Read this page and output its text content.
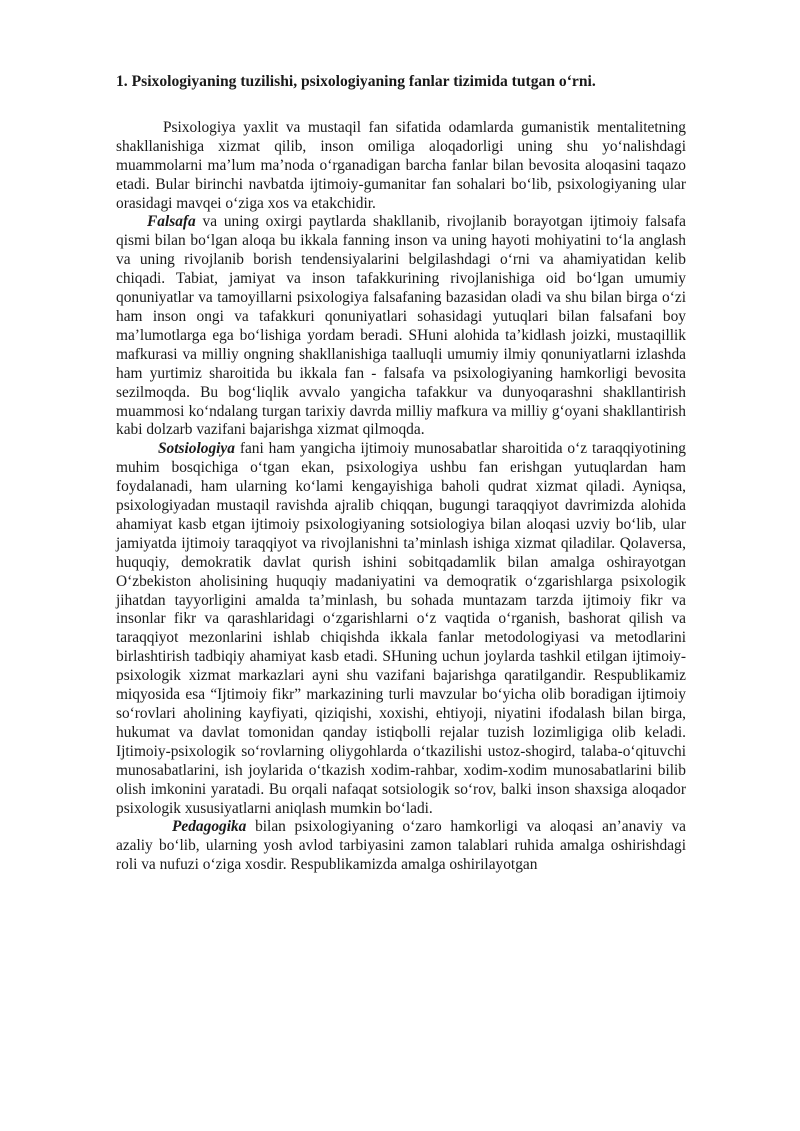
1. Psixologiyaning tuzilishi, psixologiyaning fanlar tizimida tutgan o‘rni.

Psixologiya yaxlit va mustaqil fan sifatida odamlarda gumanistik mentalitetning shakllanishiga xizmat qilib, inson omiliga aloqadorligi uning shu yo‘nalishdagi muammolarni ma’lum ma’noda o‘rganadigan barcha fanlar bilan bevosita aloqasini taqazo etadi. Bular birinchi navbatda ijtimoiy-gumanitar fan sohalari bo‘lib, psixologiyaning ular orasidagi mavqei o‘ziga xos va etakchidir.

Falsafa va uning oxirgi paytlarda shakllanib, rivojlanib borayotgan ijtimoiy falsafa qismi bilan bo‘lgan aloqa bu ikkala fanning inson va uning hayoti mohiyatini to‘la anglash va uning rivojlanib borish tendensiyalarini belgilashdagi o‘rni va ahamiyatidan kelib chiqadi. Tabiat, jamiyat va inson tafakkurining rivojlanishiga oid bo‘lgan umumiy qonuniyatlar va tamoyillarni psixologiya falsafaning bazasidan oladi va shu bilan birga o‘zi ham inson ongi va tafakkuri qonuniyatlari sohasidagi yutuqlari bilan falsafani boy ma’lumotlarga ega bo‘lishiga yordam beradi. SHuni alohida ta’kidlash joizki, mustaqillik mafkurasi va milliy ongning shakllanishiga taalluqli umumiy ilmiy qonuniyatlarni izlashda ham yurtimiz sharoitida bu ikkala fan - falsafa va psixologiyaning hamkorligi bevosita sezilmoqda. Bu bog‘liqlik avvalo yangicha tafakkur va dunyoqarashni shakllantirish muammosi ko‘ndalang turgan tarixiy davrda milliy mafkura va milliy g‘oyani shakllantirish kabi dolzarb vazifani bajarishga xizmat qilmoqda.

Sotsiologiya fani ham yangicha ijtimoiy munosabatlar sharoitida o‘z taraqqiyotining muhim bosqichiga o‘tgan ekan, psixologiya ushbu fan erishgan yutuqlardan ham foydalanadi, ham ularning ko‘lami kengayishiga baholi qudrat xizmat qiladi. Ayniqsa, psixologiyadan mustaqil ravishda ajralib chiqqan, bugungi taraqqiyot davrimizda alohida ahamiyat kasb etgan ijtimoiy psixologiyaning sotsiologiya bilan aloqasi uzviy bo‘lib, ular jamiyatda ijtimoiy taraqqiyot va rivojlanishni ta’minlash ishiga xizmat qiladilar. Qolaversa, huquqiy, demokratik davlat qurish ishini sobitqadamlik bilan amalga oshirayotgan O‘zbekiston aholisining huquqiy madaniyatini va demoqratik o‘zgarishlarga psixologik jihatdan tayyorligini amalda ta’minlash, bu sohada muntazam tarzda ijtimoiy fikr va insonlar fikr va qarashlaridagi o‘zgarishlarni o‘z vaqtida o‘rganish, bashorat qilish va taraqqiyot mezonlarini ishlab chiqishda ikkala fanlar metodologiyasi va metodlarini birlashtirish tadbiqiy ahamiyat kasb etadi. SHuning uchun joylarda tashkil etilgan ijtimoiy-psixologik xizmat markazlari ayni shu vazifani bajarishga qaratilgandir. Respublikamiz miqyosida esa “Ijtimoiy fikr” markazining turli mavzular bo‘yicha olib boradigan ijtimoiy so‘rovlari aholining kayfiyati, qiziqishi, xoxishi, ehtiyoji, niyatini ifodalash bilan birga, hukumat va davlat tomonidan qanday istiqbolli rejalar tuzish lozimligiga olib keladi. Ijtimoiy-psixologik so‘rovlarning oliygohlarda o‘tkazilishi ustoz-shogird, talaba-o‘qituvchi munosabatlarini, ish joylarida o‘tkazish xodim-rahbar, xodim-xodim munosabatlarini bilib olish imkonini yaratadi. Bu orqali nafaqat sotsiologik so‘rov, balki inson shaxsiga aloqador psixologik xususiyatlarni aniqlash mumkin bo‘ladi.

Pedagogika bilan psixologiyaning o‘zaro hamkorligi va aloqasi an’anaviy va azaliy bo‘lib, ularning yosh avlod tarbiyasini zamon talablari ruhida amalga oshirishdagi roli va nufuzi o‘ziga xosdir. Respublikamizda amalga oshirilayotgan
